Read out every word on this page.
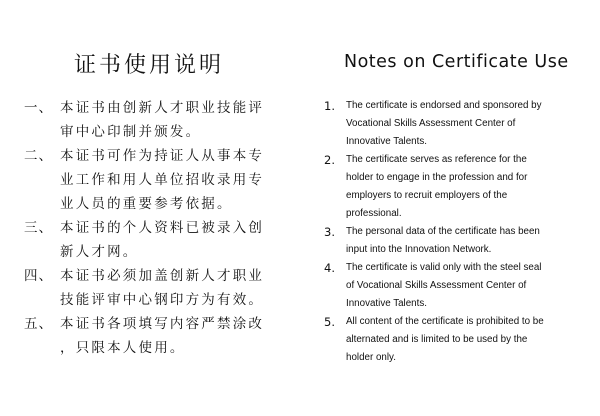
证书使用说明
一、 本证书由创新人才职业技能评
审中心印制并颁发。
二、 本证书可作为持证人从事本专
业工作和用人单位招收录用专
业人员的重要参考依据。
三、 本证书的个人资料已被录入创
新人才网。
四、 本证书必须加盖创新人才职业
技能评审中心钢印方为有效。
五、 本证书各项填写内容严禁涂改
，只限本人使用。
Notes on Certificate Use
1.	The certificate is endorsed and sponsored by
Vocational Skills Assessment Center of
Innovative Talents.
2.	The certificate serves as reference for the
holder to engage in the profession and for
employers to recruit employers of the
professional.
3.	The personal data of the certificate has been
input into the Innovation Network.
4.	The certificate is valid only with the steel seal
of Vocational Skills Assessment Center of
Innovative Talents.
5.	All content of the certificate is prohibited to be
alternated and is limited to be used by the
holder only.
